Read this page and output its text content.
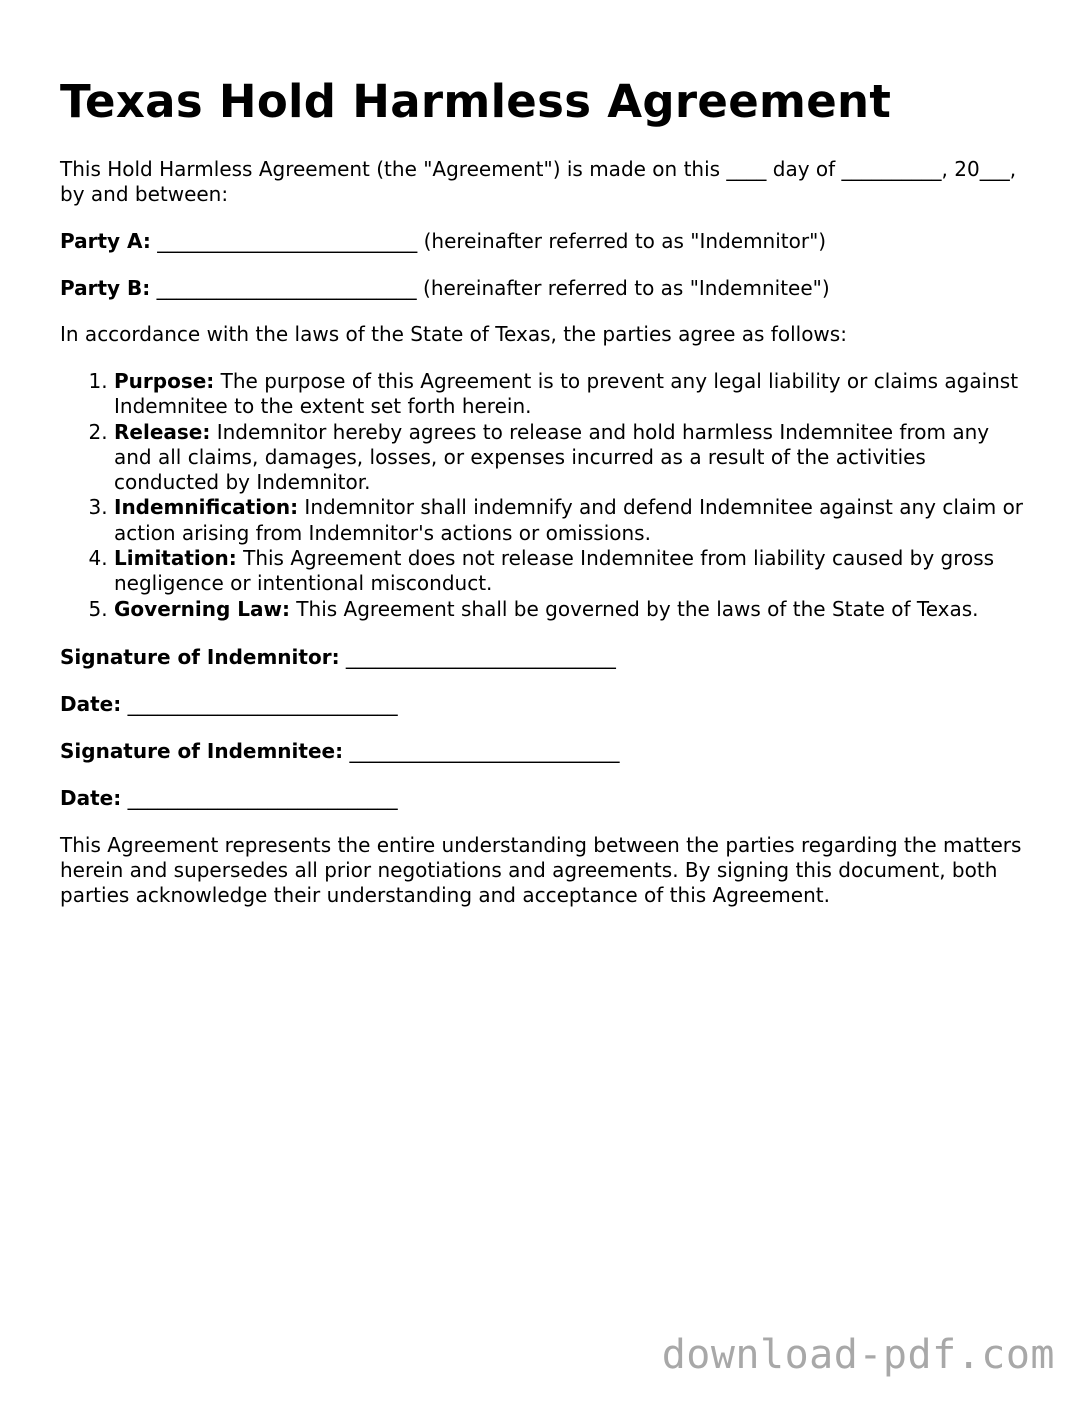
Texas Hold Harmless Agreement

This Hold Harmless Agreement (the "Agreement") is made on this ____ day of __________, 20___, by and between:

Party A: __________________________ (hereinafter referred to as "Indemnitor")

Party B: __________________________ (hereinafter referred to as "Indemnitee")

In accordance with the laws of the State of Texas, the parties agree as follows:

1. Purpose: The purpose of this Agreement is to prevent any legal liability or claims against Indemnitee to the extent set forth herein.
2. Release: Indemnitor hereby agrees to release and hold harmless Indemnitee from any and all claims, damages, losses, or expenses incurred as a result of the activities conducted by Indemnitor.
3. Indemnification: Indemnitor shall indemnify and defend Indemnitee against any claim or action arising from Indemnitor's actions or omissions.
4. Limitation: This Agreement does not release Indemnitee from liability caused by gross negligence or intentional misconduct.
5. Governing Law: This Agreement shall be governed by the laws of the State of Texas.

Signature of Indemnitor: ___________________________

Date: ___________________________

Signature of Indemnitee: ___________________________

Date: ___________________________

This Agreement represents the entire understanding between the parties regarding the matters herein and supersedes all prior negotiations and agreements. By signing this document, both parties acknowledge their understanding and acceptance of this Agreement.

download-pdf.com
